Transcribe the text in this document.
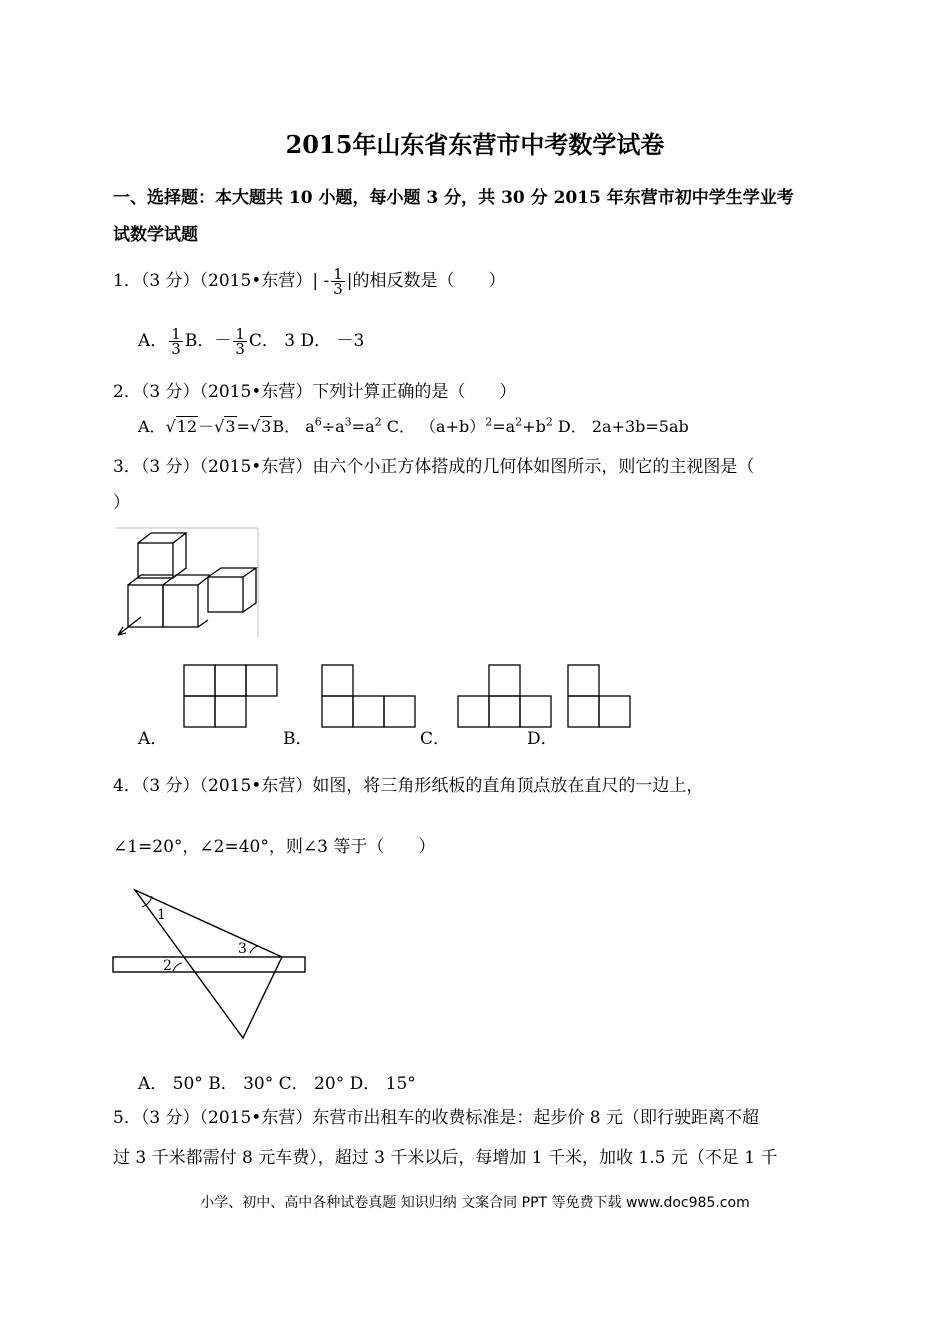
2015年山东省东营市中考数学试卷
一、选择题：本大题共 10 小题，每小题 3 分，共 30 分 2015 年东营市初中学生学业考
试数学试题
1．（3 分）（2015•东营）| - $\frac{1}{3}$ |的相反数是（　　）
A． $\frac{1}{3}$ B．－ $\frac{1}{3}$ C． 3 D． －3
2．（3 分）（2015•东营）下列计算正确的是（　　）
A．√12－√3=√3B． $a^6\div a^3=a^2$ C． $(a+b)^2=a^2+b^2$ D． 2a+3b=5ab
3．（3 分）（2015•东营）由六个小正方体搭成的几何体如图所示，则它的主视图是（
）
A．	B．	C．	D．
4．（3 分）（2015•东营）如图，将三角形纸板的直角顶点放在直尺的一边上，
∠1=20°，∠2=40°，则∠3 等于（　　）
1
2
3
A． 50° B． 30° C． 20° D． 15°
5．（3 分）（2015•东营）东营市出租车的收费标准是：起步价 8 元（即行驶距离不超
过 3 千米都需付 8 元车费），超过 3 千米以后，每增加 1 千米，加收 1.5 元（不足 1 千
小学、初中、高中各种试卷真题 知识归纳 文案合同 PPT 等免费下载 www.doc985.com
